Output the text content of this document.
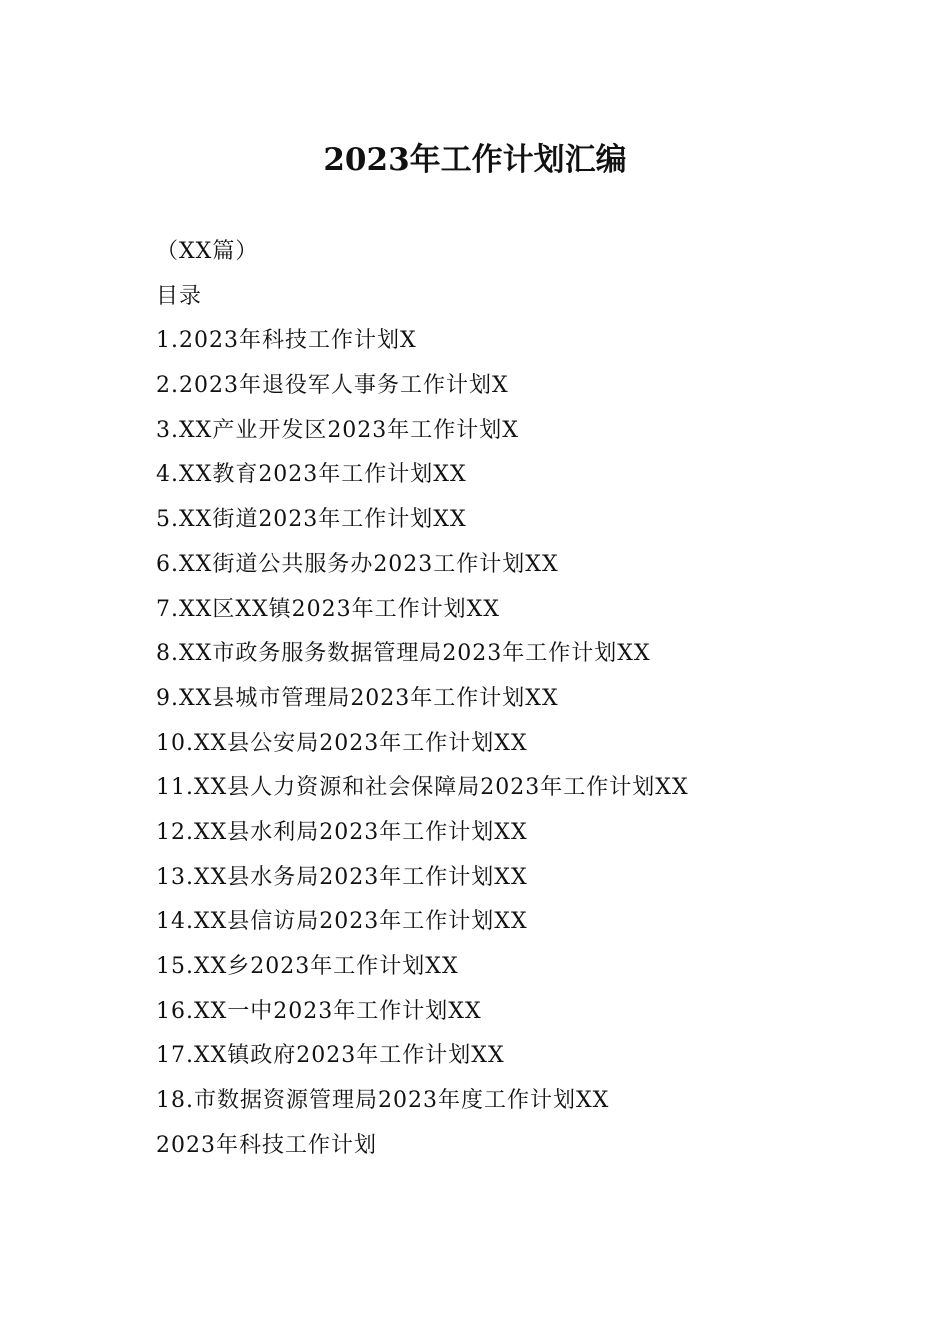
2023年工作计划汇编
（XX篇）
目录
1.2023年科技工作计划X
2.2023年退役军人事务工作计划X
3.XX产业开发区2023年工作计划X
4.XX教育2023年工作计划XX
5.XX街道2023年工作计划XX
6.XX街道公共服务办2023工作计划XX
7.XX区XX镇2023年工作计划XX
8.XX市政务服务数据管理局2023年工作计划XX
9.XX县城市管理局2023年工作计划XX
10.XX县公安局2023年工作计划XX
11.XX县人力资源和社会保障局2023年工作计划XX
12.XX县水利局2023年工作计划XX
13.XX县水务局2023年工作计划XX
14.XX县信访局2023年工作计划XX
15.XX乡2023年工作计划XX
16.XX一中2023年工作计划XX
17.XX镇政府2023年工作计划XX
18.市数据资源管理局2023年度工作计划XX
2023年科技工作计划
